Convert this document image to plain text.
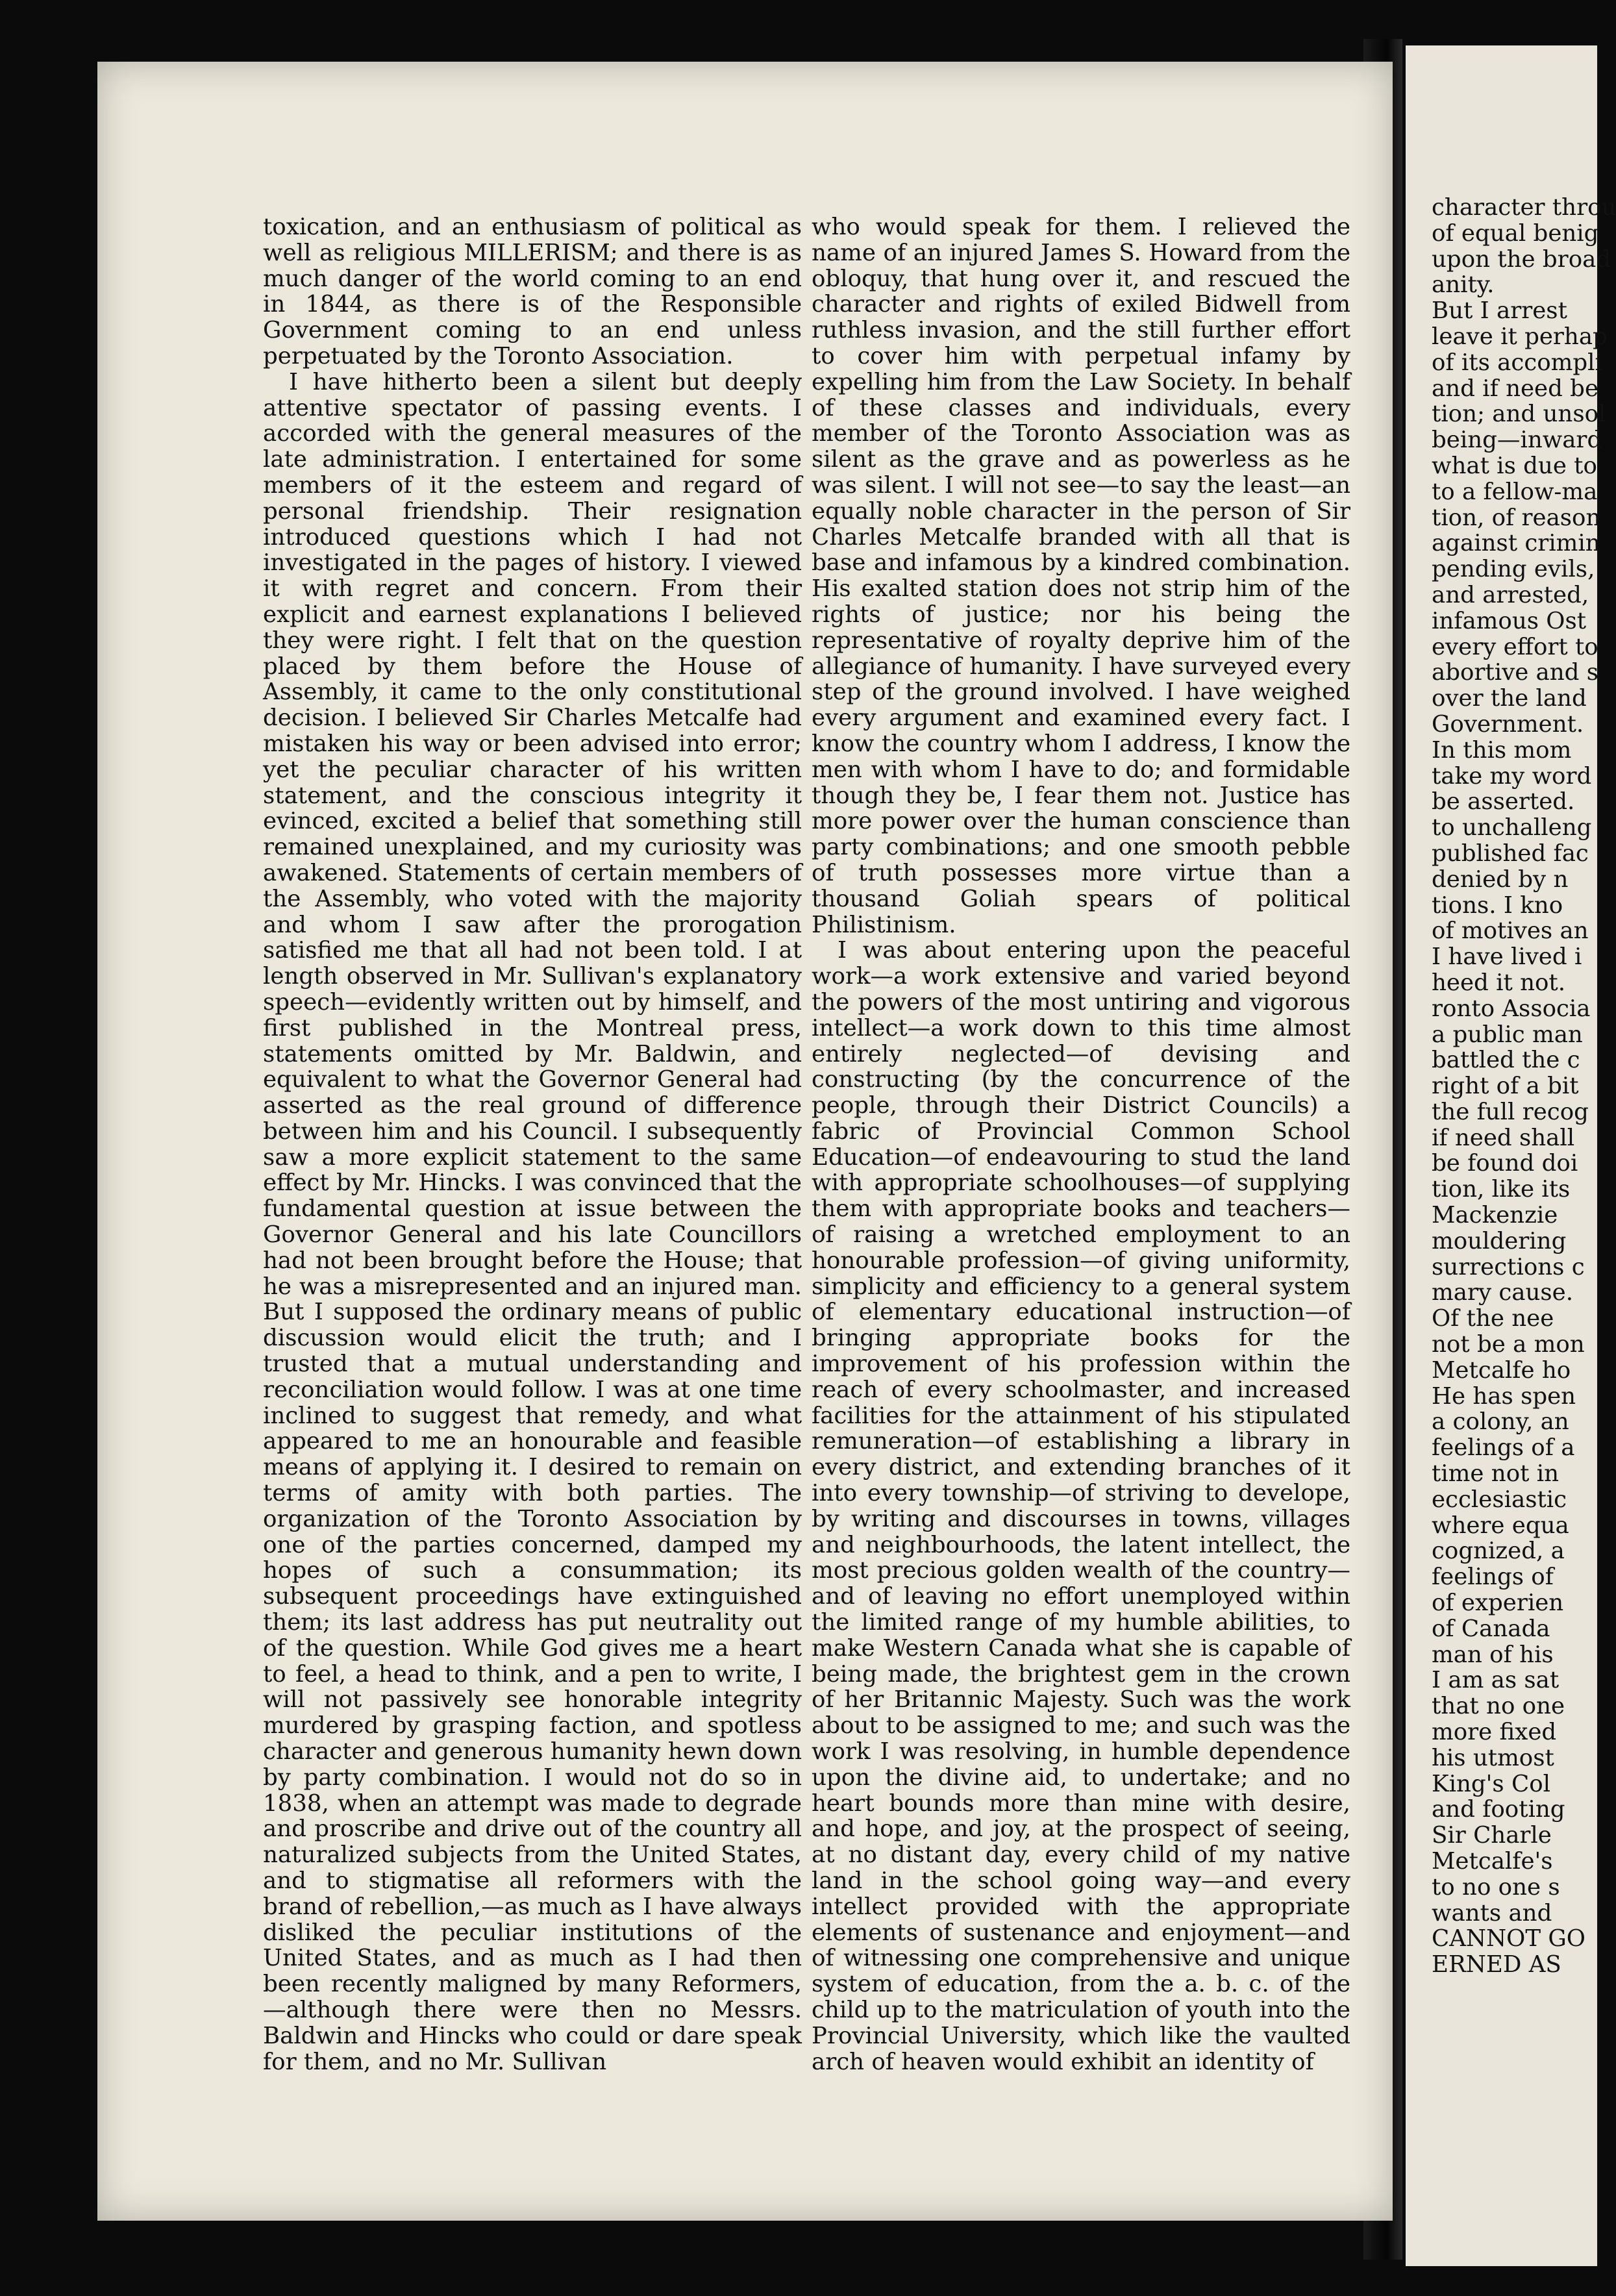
toxication, and an enthusiasm of political as well as religious MILLERISM; and there is as much danger of the world coming to an end in 1844, as there is of the Responsible Government coming to an end unless perpetuated by the Toronto Association.

I have hitherto been a silent but deeply attentive spectator of passing events. I accorded with the general measures of the late administration. I entertained for some members of it the esteem and regard of personal friendship. Their resignation introduced questions which I had not investigated in the pages of history. I viewed it with regret and concern. From their explicit and earnest explanations I believed they were right. I felt that on the question placed by them before the House of Assembly, it came to the only constitutional decision. I believed Sir Charles Metcalfe had mistaken his way or been advised into error; yet the peculiar character of his written statement, and the conscious integrity it evinced, excited a belief that something still remained unexplained, and my curiosity was awakened. Statements of certain members of the Assembly, who voted with the majority and whom I saw after the prorogation satisfied me that all had not been told. I at length observed in Mr. Sullivan's explanatory speech—evidently written out by himself, and first published in the Montreal press, statements omitted by Mr. Baldwin, and equivalent to what the Governor General had asserted as the real ground of difference between him and his Council. I subsequently saw a more explicit statement to the same effect by Mr. Hincks. I was convinced that the fundamental question at issue between the Governor General and his late Councillors had not been brought before the House; that he was a misrepresented and an injured man. But I supposed the ordinary means of public discussion would elicit the truth; and I trusted that a mutual understanding and reconciliation would follow. I was at one time inclined to suggest that remedy, and what appeared to me an honourable and feasible means of applying it. I desired to remain on terms of amity with both parties. The organization of the Toronto Association by one of the parties concerned, damped my hopes of such a consummation; its subsequent proceedings have extinguished them; its last address has put neutrality out of the question. While God gives me a heart to feel, a head to think, and a pen to write, I will not passively see honorable integrity murdered by grasping faction, and spotless character and generous humanity hewn down by party combination. I would not do so in 1838, when an attempt was made to degrade and proscribe and drive out of the country all naturalized subjects from the United States, and to stigmatise all reformers with the brand of rebellion,—as much as I have always disliked the peculiar institutions of the United States, and as much as I had then been recently maligned by many Reformers,—although there were then no Messrs. Baldwin and Hincks who could or dare speak for them, and no Mr. Sullivan

who would speak for them. I relieved the name of an injured James S. Howard from the obloquy, that hung over it, and rescued the character and rights of exiled Bidwell from ruthless invasion, and the still further effort to cover him with perpetual infamy by expelling him from the Law Society. In behalf of these classes and individuals, every member of the Toronto Association was as silent as the grave and as powerless as he was silent. I will not see—to say the least—an equally noble character in the person of Sir Charles Metcalfe branded with all that is base and infamous by a kindred combination. His exalted station does not strip him of the rights of justice; nor his being the representative of royalty deprive him of the allegiance of humanity. I have surveyed every step of the ground involved. I have weighed every argument and examined every fact. I know the country whom I address, I know the men with whom I have to do; and formidable though they be, I fear them not. Justice has more power over the human conscience than party combinations; and one smooth pebble of truth possesses more virtue than a thousand Goliah spears of political Philistinism.

I was about entering upon the peaceful work—a work extensive and varied beyond the powers of the most untiring and vigorous intellect—a work down to this time almost entirely neglected—of devising and constructing (by the concurrence of the people, through their District Councils) a fabric of Provincial Common School Education—of endeavouring to stud the land with appropriate schoolhouses—of supplying them with appropriate books and teachers—of raising a wretched employment to an honourable profession—of giving uniformity, simplicity and efficiency to a general system of elementary educational instruction—of bringing appropriate books for the improvement of his profession within the reach of every schoolmaster, and increased facilities for the attainment of his stipulated remuneration—of establishing a library in every district, and extending branches of it into every township—of striving to develope, by writing and discourses in towns, villages and neighbourhoods, the latent intellect, the most precious golden wealth of the country—and of leaving no effort unemployed within the limited range of my humble abilities, to make Western Canada what she is capable of being made, the brightest gem in the crown of her Britannic Majesty. Such was the work about to be assigned to me; and such was the work I was resolving, in humble dependence upon the divine aid, to undertake; and no heart bounds more than mine with desire, and hope, and joy, at the prospect of seeing, at no distant day, every child of my native land in the school going way—and every intellect provided with the appropriate elements of sustenance and enjoyment—and of witnessing one comprehensive and unique system of education, from the a. b. c. of the child up to the matriculation of youth into the Provincial University, which like the vaulted arch of heaven would exhibit an identity of

character throu

of equal benig

upon the broad

anity.

But I arrest

leave it perhap

of its accompli

and if need be

tion; and unsol

being—inward

what is due to

to a fellow-ma

tion, of reason

against crimin

pending evils,

and arrested,

infamous Ost

every effort to

abortive and s

over the land

Government.

In this mom

take my word

be asserted.

to unchalleng

published fac

denied by n

tions. I kno

of motives an

I have lived i

heed it not.

ronto Associa

a public man

battled the c

right of a bit

the full recog

if need shall

be found doi

tion, like its

Mackenzie

mouldering

surrections c

mary cause.

Of the nee

not be a mon

Metcalfe ho

He has spen

a colony, an

feelings of a

time not in

ecclesiastic

where equa

cognized, a

feelings of

of experien

of Canada

man of his

I am as sat

that no one

more fixed

his utmost

King's Col

and footing

Sir Charle

Metcalfe's

to no one s

wants and

CANNOT GO

ERNED AS
